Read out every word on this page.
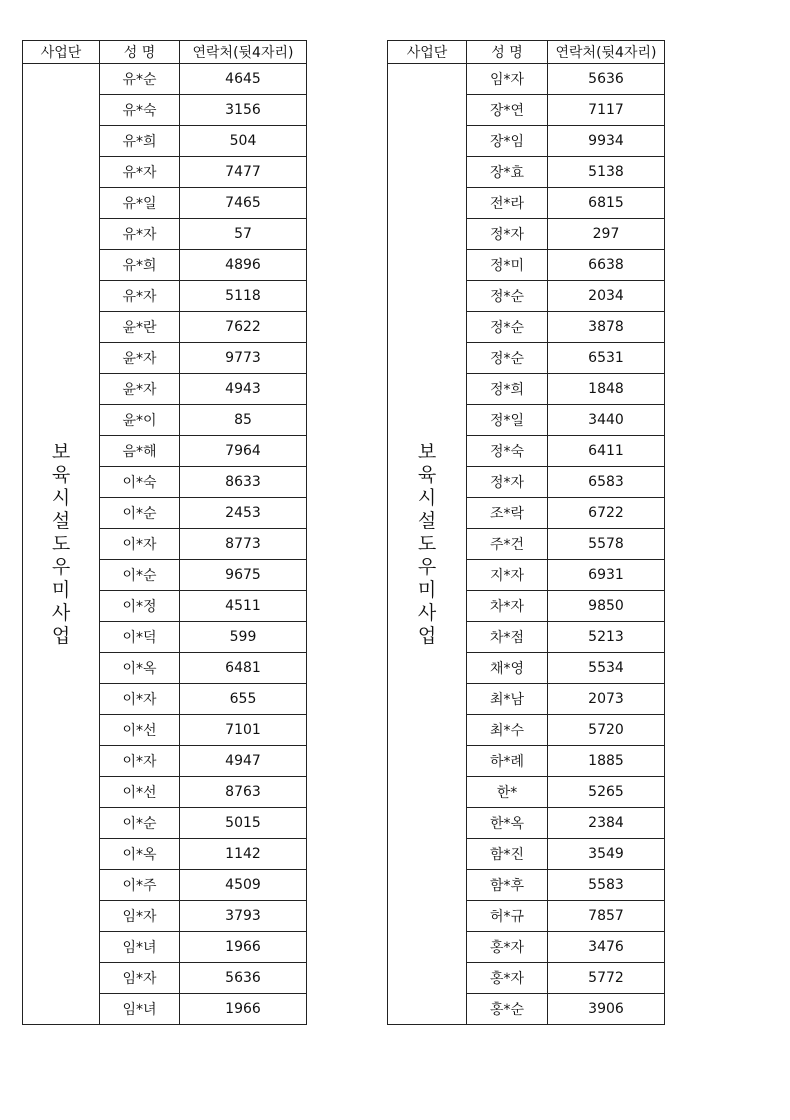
사업단	성 명	연락처(뒷4자리)
보육시설도우미사업	유*순	4645
	유*숙	3156
	유*희	504
	유*자	7477
	유*일	7465
	유*자	57
	유*희	4896
	유*자	5118
	윤*란	7622
	윤*자	9773
	윤*자	4943
	윤*이	85
	음*해	7964
	이*숙	8633
	이*순	2453
	이*자	8773
	이*순	9675
	이*정	4511
	이*덕	599
	이*옥	6481
	이*자	655
	이*선	7101
	이*자	4947
	이*선	8763
	이*순	5015
	이*옥	1142
	이*주	4509
	임*자	3793
	임*녀	1966
	임*자	5636
	임*녀	1966
사업단	성 명	연락처(뒷4자리)
보육시설도우미사업	임*자	5636
	장*연	7117
	장*임	9934
	장*효	5138
	전*라	6815
	정*자	297
	정*미	6638
	정*순	2034
	정*순	3878
	정*순	6531
	정*희	1848
	정*일	3440
	정*숙	6411
	정*자	6583
	조*락	6722
	주*건	5578
	지*자	6931
	차*자	9850
	차*점	5213
	채*영	5534
	최*남	2073
	최*수	5720
	하*례	1885
	한*	5265
	한*옥	2384
	함*진	3549
	함*후	5583
	허*규	7857
	홍*자	3476
	홍*자	5772
	홍*순	3906
